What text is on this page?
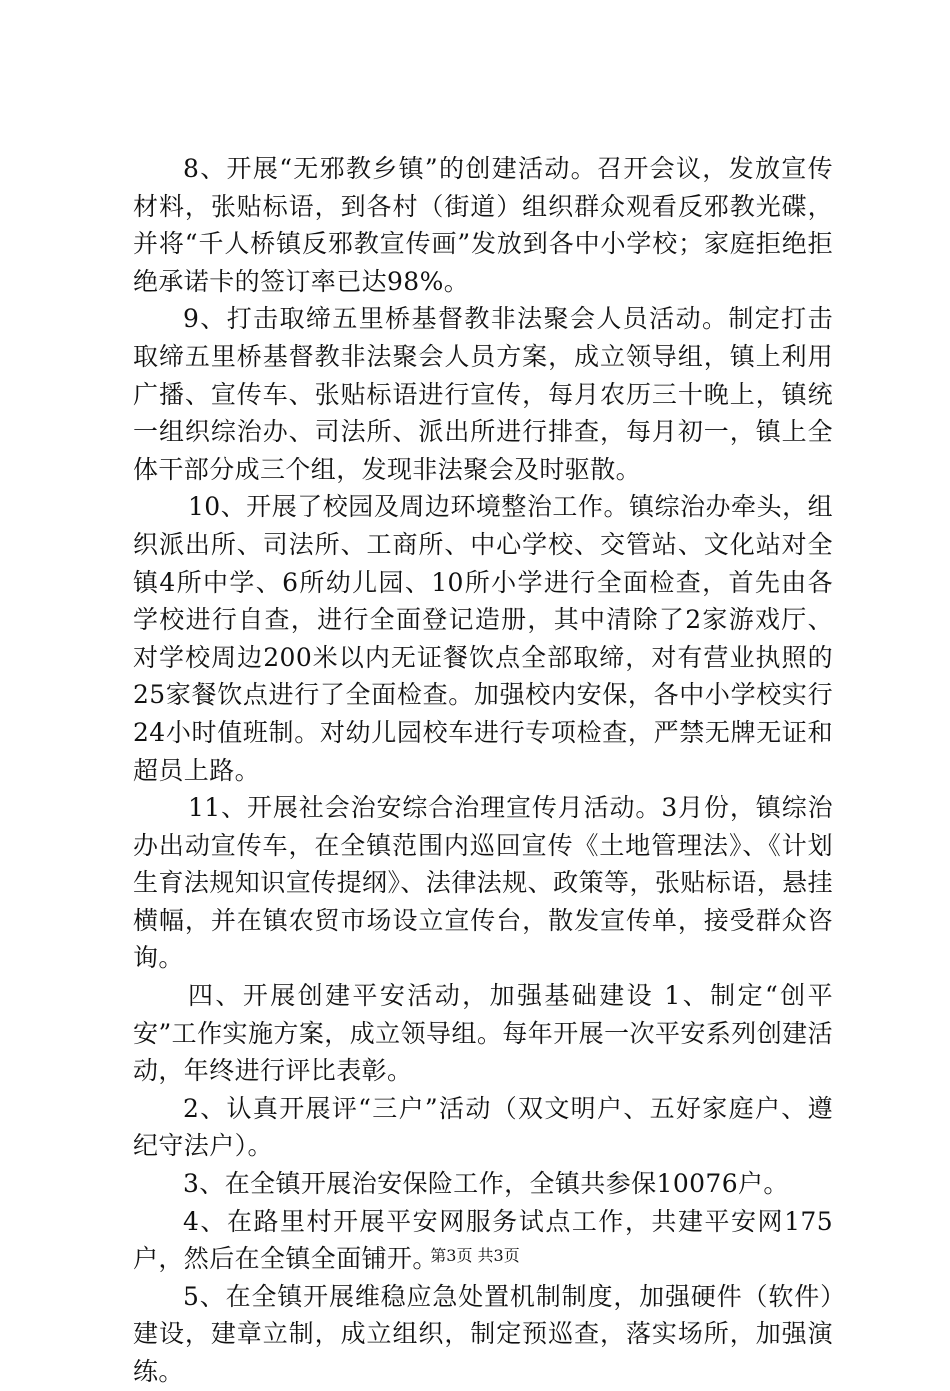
8、开展“无邪教乡镇”的创建活动。召开会议，发放宣传材料，张贴标语，到各村（街道）组织群众观看反邪教光碟，并将“千人桥镇反邪教宣传画”发放到各中小学校；家庭拒绝拒绝承诺卡的签订率已达98%。

9、打击取缔五里桥基督教非法聚会人员活动。制定打击取缔五里桥基督教非法聚会人员方案，成立领导组，镇上利用广播、宣传车、张贴标语进行宣传，每月农历三十晚上，镇统一组织综治办、司法所、派出所进行排查，每月初一，镇上全体干部分成三个组，发现非法聚会及时驱散。

10、开展了校园及周边环境整治工作。镇综治办牵头，组织派出所、司法所、工商所、中心学校、交管站、文化站对全镇4所中学、6所幼儿园、10所小学进行全面检查，首先由各学校进行自查，进行全面登记造册，其中清除了2家游戏厅、对学校周边200米以内无证餐饮点全部取缔，对有营业执照的25家餐饮点进行了全面检查。加强校内安保，各中小学校实行24小时值班制。对幼儿园校车进行专项检查，严禁无牌无证和超员上路。

11、开展社会治安综合治理宣传月活动。3月份，镇综治办出动宣传车，在全镇范围内巡回宣传《土地管理法》、《计划生育法规知识宣传提纲》、法律法规、政策等，张贴标语，悬挂横幅，并在镇农贸市场设立宣传台，散发宣传单，接受群众咨询。

四、开展创建平安活动，加强基础建设 1、制定“创平安”工作实施方案，成立领导组。每年开展一次平安系列创建活动，年终进行评比表彰。

2、认真开展评“三户”活动（双文明户、五好家庭户、遵纪守法户）。

3、在全镇开展治安保险工作，全镇共参保10076户。

4、在路里村开展平安网服务试点工作，共建平安网175户，然后在全镇全面铺开。

5、在全镇开展维稳应急处置机制制度，加强硬件（软件）建设，建章立制，成立组织，制定预巡查，落实场所，加强演练。

第3页 共3页
